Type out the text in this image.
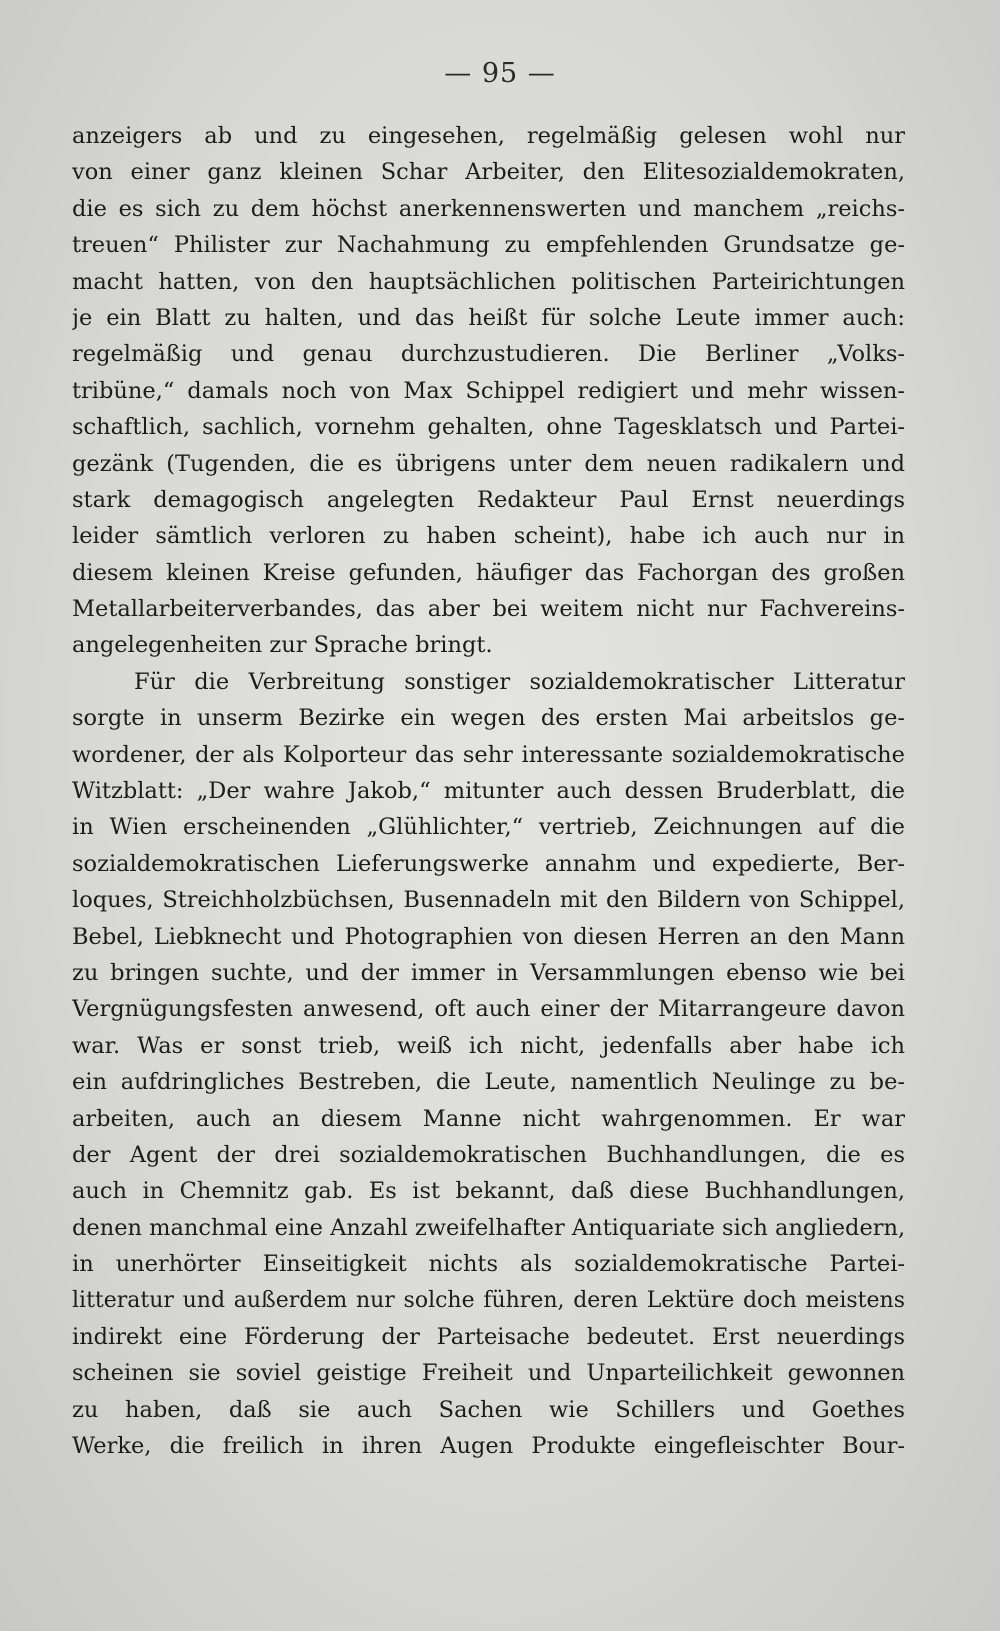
— 95 —
anzeigers ab und zu eingesehen, regelmäßig gelesen wohl nur
von einer ganz kleinen Schar Arbeiter, den Elitesozialdemokraten,
die es sich zu dem höchst anerkennenswerten und manchem „reichs-
treuen“ Philister zur Nachahmung zu empfehlenden Grundsatze ge-
macht hatten, von den hauptsächlichen politischen Parteirichtungen
je ein Blatt zu halten, und das heißt für solche Leute immer auch:
regelmäßig und genau durchzustudieren. Die Berliner „Volks-
tribüne,“ damals noch von Max Schippel redigiert und mehr wissen-
schaftlich, sachlich, vornehm gehalten, ohne Tagesklatsch und Partei-
gezänk (Tugenden, die es übrigens unter dem neuen radikalern und
stark demagogisch angelegten Redakteur Paul Ernst neuerdings
leider sämtlich verloren zu haben scheint), habe ich auch nur in
diesem kleinen Kreise gefunden, häufiger das Fachorgan des großen
Metallarbeiterverbandes, das aber bei weitem nicht nur Fachvereins-
angelegenheiten zur Sprache bringt.
Für die Verbreitung sonstiger sozialdemokratischer Litteratur
sorgte in unserm Bezirke ein wegen des ersten Mai arbeitslos ge-
wordener, der als Kolporteur das sehr interessante sozialdemokratische
Witzblatt: „Der wahre Jakob,“ mitunter auch dessen Bruderblatt, die
in Wien erscheinenden „Glühlichter,“ vertrieb, Zeichnungen auf die
sozialdemokratischen Lieferungswerke annahm und expedierte, Ber-
loques, Streichholzbüchsen, Busennadeln mit den Bildern von Schippel,
Bebel, Liebknecht und Photographien von diesen Herren an den Mann
zu bringen suchte, und der immer in Versammlungen ebenso wie bei
Vergnügungsfesten anwesend, oft auch einer der Mitarrangeure davon
war. Was er sonst trieb, weiß ich nicht, jedenfalls aber habe ich
ein aufdringliches Bestreben, die Leute, namentlich Neulinge zu be-
arbeiten, auch an diesem Manne nicht wahrgenommen. Er war
der Agent der drei sozialdemokratischen Buchhandlungen, die es
auch in Chemnitz gab. Es ist bekannt, daß diese Buchhandlungen,
denen manchmal eine Anzahl zweifelhafter Antiquariate sich angliedern,
in unerhörter Einseitigkeit nichts als sozialdemokratische Partei-
litteratur und außerdem nur solche führen, deren Lektüre doch meistens
indirekt eine Förderung der Parteisache bedeutet. Erst neuerdings
scheinen sie soviel geistige Freiheit und Unparteilichkeit gewonnen
zu haben, daß sie auch Sachen wie Schillers und Goethes
Werke, die freilich in ihren Augen Produkte eingefleischter Bour-
